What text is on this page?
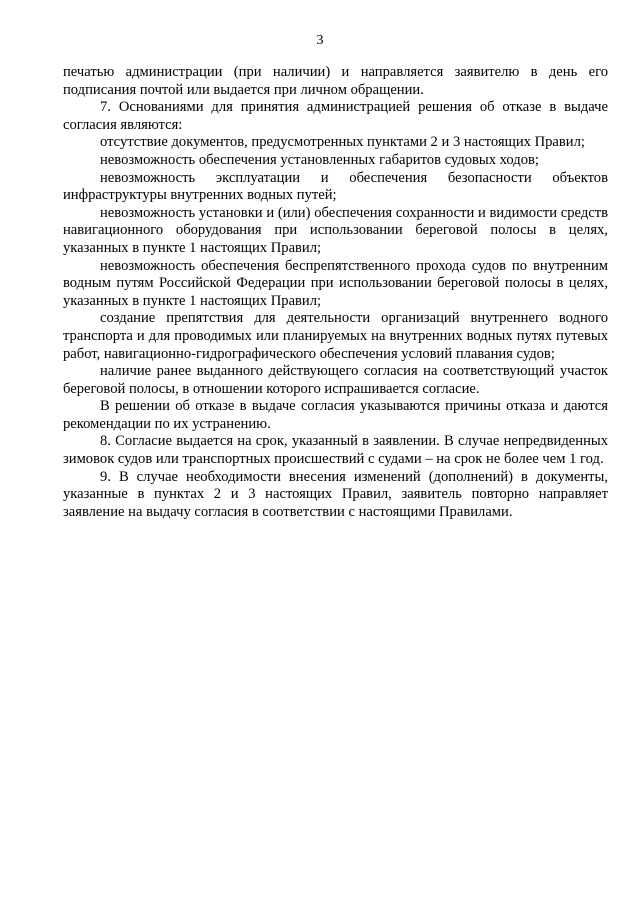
3

печатью администрации (при наличии) и направляется заявителю в день его подписания почтой или выдается при личном обращении.

7. Основаниями для принятия администрацией решения об отказе в выдаче согласия являются:

отсутствие документов, предусмотренных пунктами 2 и 3 настоящих Правил;

невозможность обеспечения установленных габаритов судовых ходов;

невозможность эксплуатации и обеспечения безопасности объектов инфраструктуры внутренних водных путей;

невозможность установки и (или) обеспечения сохранности и видимости средств навигационного оборудования при использовании береговой полосы в целях, указанных в пункте 1 настоящих Правил;

невозможность обеспечения беспрепятственного прохода судов по внутренним водным путям Российской Федерации при использовании береговой полосы в целях, указанных в пункте 1 настоящих Правил;

создание препятствия для деятельности организаций внутреннего водного транспорта и для проводимых или планируемых на внутренних водных путях путевых работ, навигационно-гидрографического обеспечения условий плавания судов;

наличие ранее выданного действующего согласия на соответствующий участок береговой полосы, в отношении которого испрашивается согласие.

В решении об отказе в выдаче согласия указываются причины отказа и даются рекомендации по их устранению.

8. Согласие выдается на срок, указанный в заявлении. В случае непредвиденных зимовок судов или транспортных происшествий с судами – на срок не более чем 1 год.

9. В случае необходимости внесения изменений (дополнений) в документы, указанные в пунктах 2 и 3 настоящих Правил, заявитель повторно направляет заявление на выдачу согласия в соответствии с настоящими Правилами.
